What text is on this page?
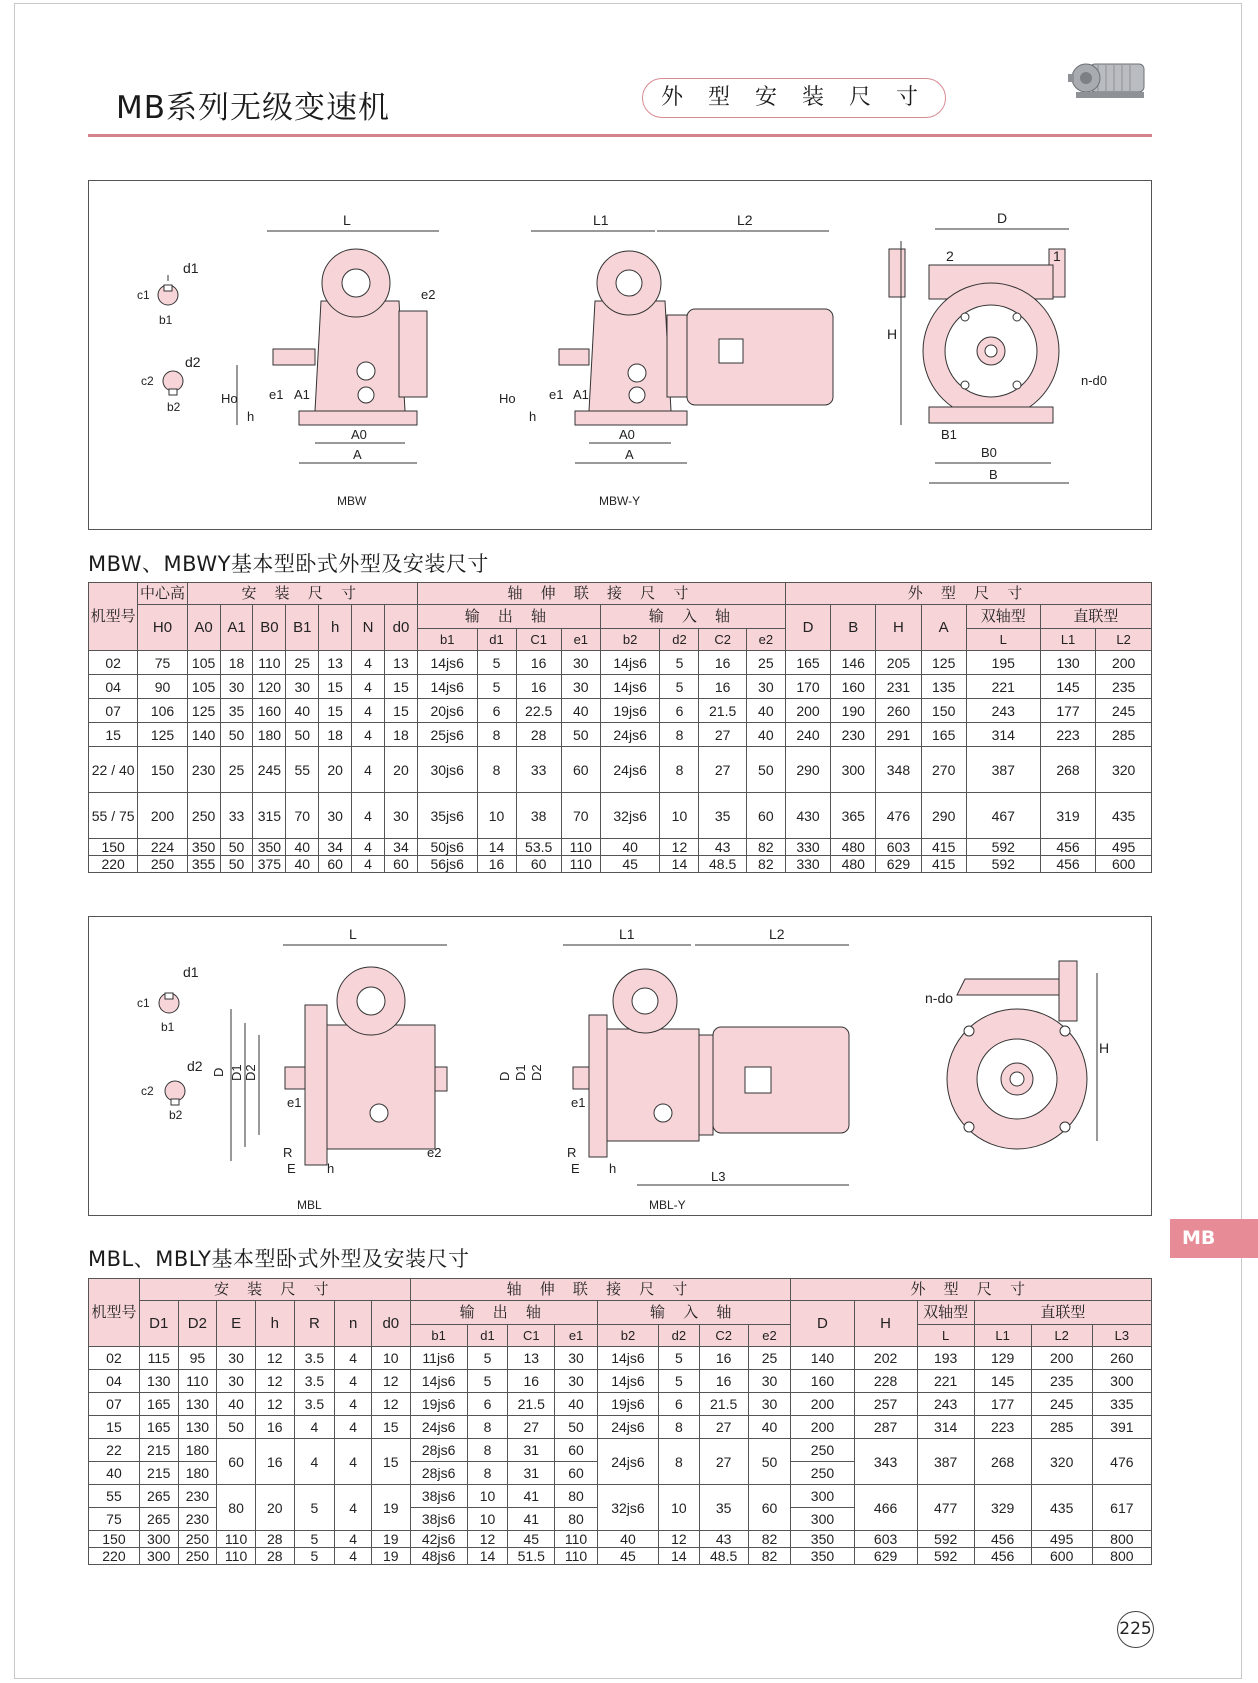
MB系列无级变速机	外 型 安 装 尺 寸
d1
c1
b1
d2
c2
b2
L
Ho
h
e1 A1
e2
A0
A
MBW
L1	L2
Ho
h
e1 A1
A0
A
MBW-Y
D
2	1
H
n-d0
B1
B0
B
MBW、MBWY基本型卧式外型及安装尺寸
机型号	中心高	安 装 尺 寸							轴 伸 联 接 尺 寸								外 型 尺 寸						
	H0	A0	A1	B0	B1	h	N	d0	输 出 轴				输 入 轴				D	B	H	A	双轴型	直联型	
									b1	d1	C1	e1	b2	d2	C2	e2					L	L1	L2
02	75	105	18	110	25	13	4	13	14js6	5	16	30	14js6	5	16	25	165	146	205	125	195	130	200
04	90	105	30	120	30	15	4	15	14js6	5	16	30	14js6	5	16	30	170	160	231	135	221	145	235
07	106	125	35	160	40	15	4	15	20js6	6	22.5	40	19js6	6	21.5	40	200	190	260	150	243	177	245
15	125	140	50	180	50	18	4	18	25js6	8	28	50	24js6	8	27	40	240	230	291	165	314	223	285
22 / 40	150	230	25	245	55	20	4	20	30js6	8	33	60	24js6	8	27	50	290	300	348	270	387	268	320
55 / 75	200	250	33	315	70	30	4	30	35js6	10	38	70	32js6	10	35	60	430	365	476	290	467	319	435
150	224	350	50	350	40	34	4	34	50js6	14	53.5	110	40	12	43	82	330	480	603	415	592	456	495
220	250	355	50	375	40	60	4	60	56js6	16	60	110	45	14	48.5	82	330	480	629	415	592	456	600
d1
c1
b1
d2
c2
b2
L
D D1 D2
e1
R
E h
e2
MBL
L1	L2
D D1 D2
e1
R
E h
L3
MBL-Y
n-do
H
MB
MBL、MBLY基本型卧式外型及安装尺寸
机型号	安 装 尺 寸							轴 伸 联 接 尺 寸								外 型 尺 寸					
	D1	D2	E	h	R	n	d0	输 出 轴				输 入 轴				D	H	双轴型	直联型		
								b1	d1	C1	e1	b2	d2	C2	e2			L	L1	L2	L3
02	115	95	30	12	3.5	4	10	11js6	5	13	30	14js6	5	16	25	140	202	193	129	200	260
04	130	110	30	12	3.5	4	12	14js6	5	16	30	14js6	5	16	30	160	228	221	145	235	300
07	165	130	40	12	3.5	4	12	19js6	6	21.5	40	19js6	6	21.5	30	200	257	243	177	245	335
15	165	130	50	16	4	4	15	24js6	8	27	50	24js6	8	27	40	200	287	314	223	285	391
22	215	180	60	16	4	4	15	28js6	8	31	60	24js6	8	27	50	250	343	387	268	320	476
40	215	180						28js6	8	31	60					250					
55	265	230	80	20	5	4	19	38js6	10	41	80	32js6	10	35	60	300	466	477	329	435	617
75	265	230						38js6	10	41	80					300					
150	300	250	110	28	5	4	19	42js6	12	45	110	40	12	43	82	350	603	592	456	495	800
220	300	250	110	28	5	4	19	48js6	14	51.5	110	45	14	48.5	82	350	629	592	456	600	800
225
